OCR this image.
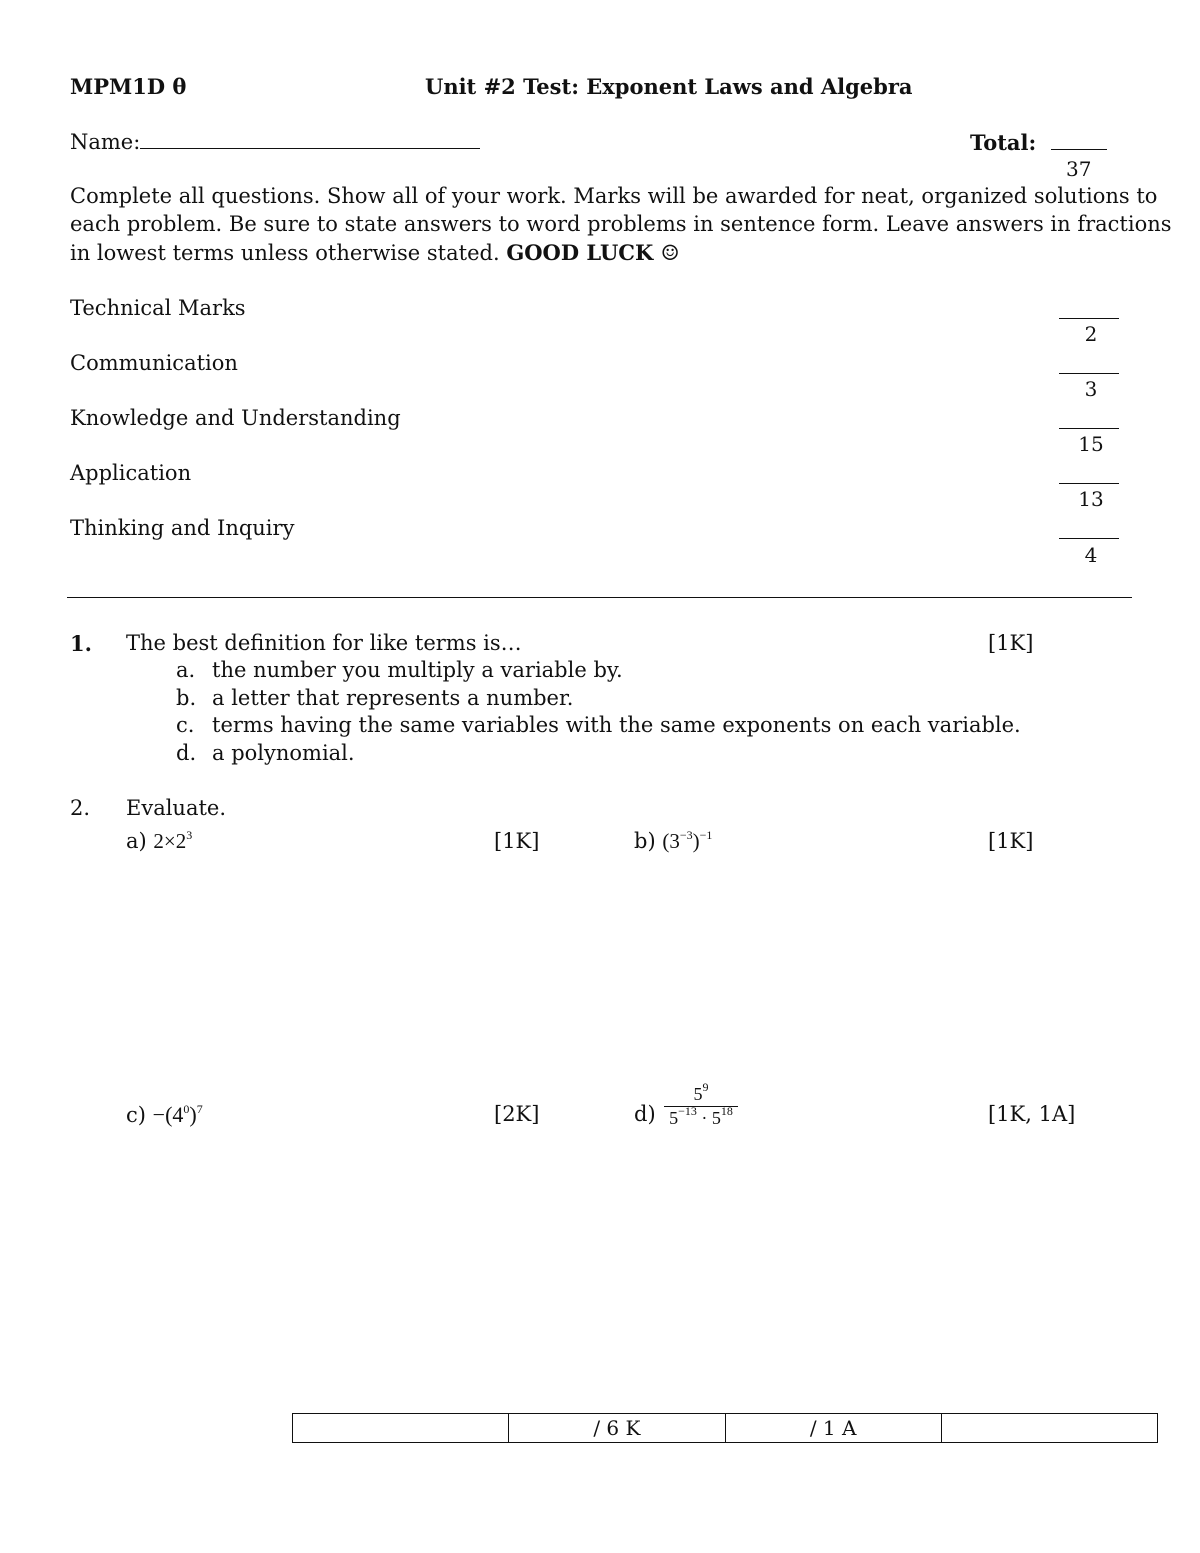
MPM1D θ	Unit #2 Test: Exponent Laws and Algebra
Name:	Total:
37
Complete all questions. Show all of your work. Marks will be awarded for neat, organized solutions to
each problem. Be sure to state answers to word problems in sentence form. Leave answers in fractions
in lowest terms unless otherwise stated. GOOD LUCK ☺
Technical Marks
2
Communication
3
Knowledge and Understanding
15
Application
13
Thinking and Inquiry
4
1. The best definition for like terms is…	[1K]
a. the number you multiply a variable by.
b. a letter that represents a number.
c. terms having the same variables with the same exponents on each variable.
d. a polynomial.
2. Evaluate.
a) $2\times 2^3$	[1K]	b) $(3^{-3})^{-1}$	[1K]
$c) -(4^0)^7$	[2K]	d)
$5^9$
$5^{-13} \cdot 5^{18}$	[1K, 1A]
	/ 6 K	/ 1 A	
